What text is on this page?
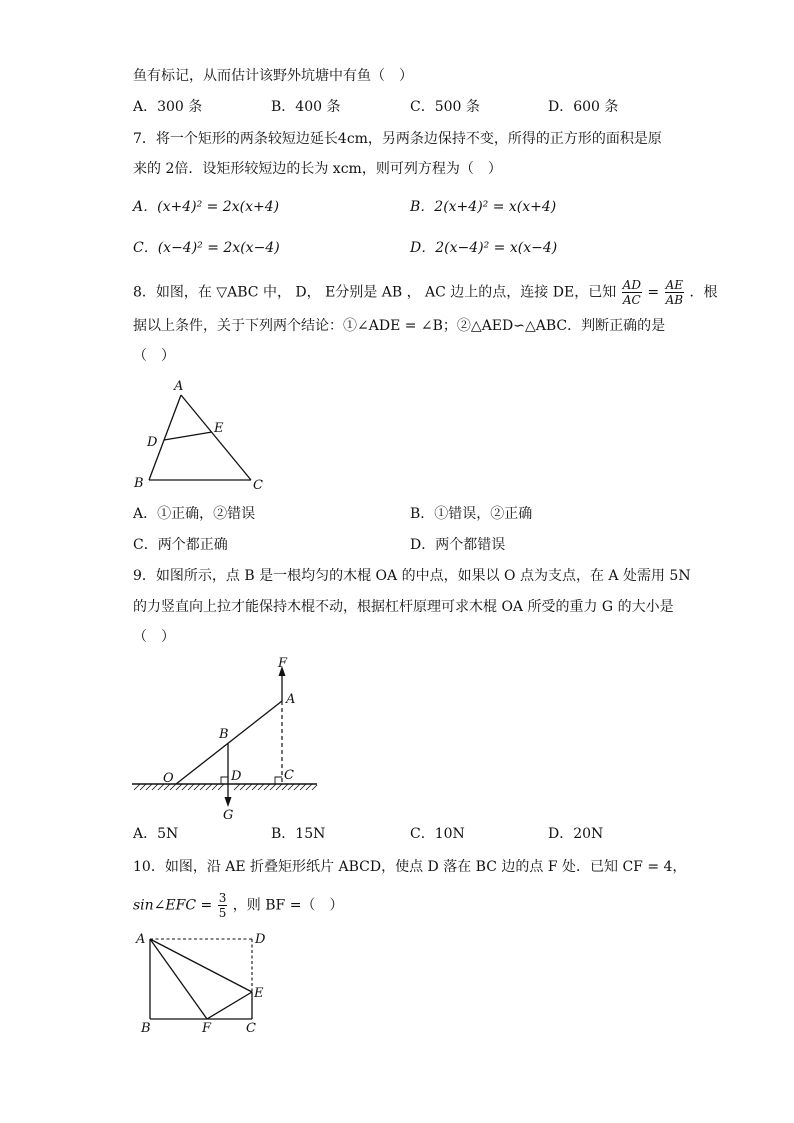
鱼有标记，从而估计该野外坑塘中有鱼（　）
A．300 条	B．400 条	C．500 条	D．600 条
7．将一个矩形的两条较短边延长4cm，另两条边保持不变，所得的正方形的面积是原
来的 2倍．设矩形较短边的长为 xcm，则可列方程为（　）
A．(x+4)² = 2x(x+4)	B．2(x+4)² = x(x+4)
C．(x−4)² = 2x(x−4)	D．2(x−4)² = x(x−4)
8．如图，在 ▽ABC 中， D， E分别是 AB ， AC 边上的点，连接 DE，已知 $\frac{AD}{AC} = \frac{AE}{AB}$ ．根
据以上条件，关于下列两个结论：①∠ADE = ∠B；②△AED∽△ABC．判断正确的是
（　）
A
D
E
B	C
A．①正确，②错误	B．①错误，②正确
C．两个都正确	D．两个都错误
9．如图所示，点 B 是一根均匀的木棍 OA 的中点，如果以 O 点为支点，在 A 处需用 5N
的力竖直向上拉才能保持木棍不动，根据杠杆原理可求木棍 OA 所受的重力 G 的大小是
（　）
F
A
B
O	D	C
G
A．5N	B．15N	C．10N	D．20N
10．如图，沿 AE 折叠矩形纸片 ABCD，使点 D 落在 BC 边的点 F 处．已知 CF = 4，
sin∠EFC = $\frac{3}{5}$ ，则 BF =（　）
A	D
E
B	F	C
